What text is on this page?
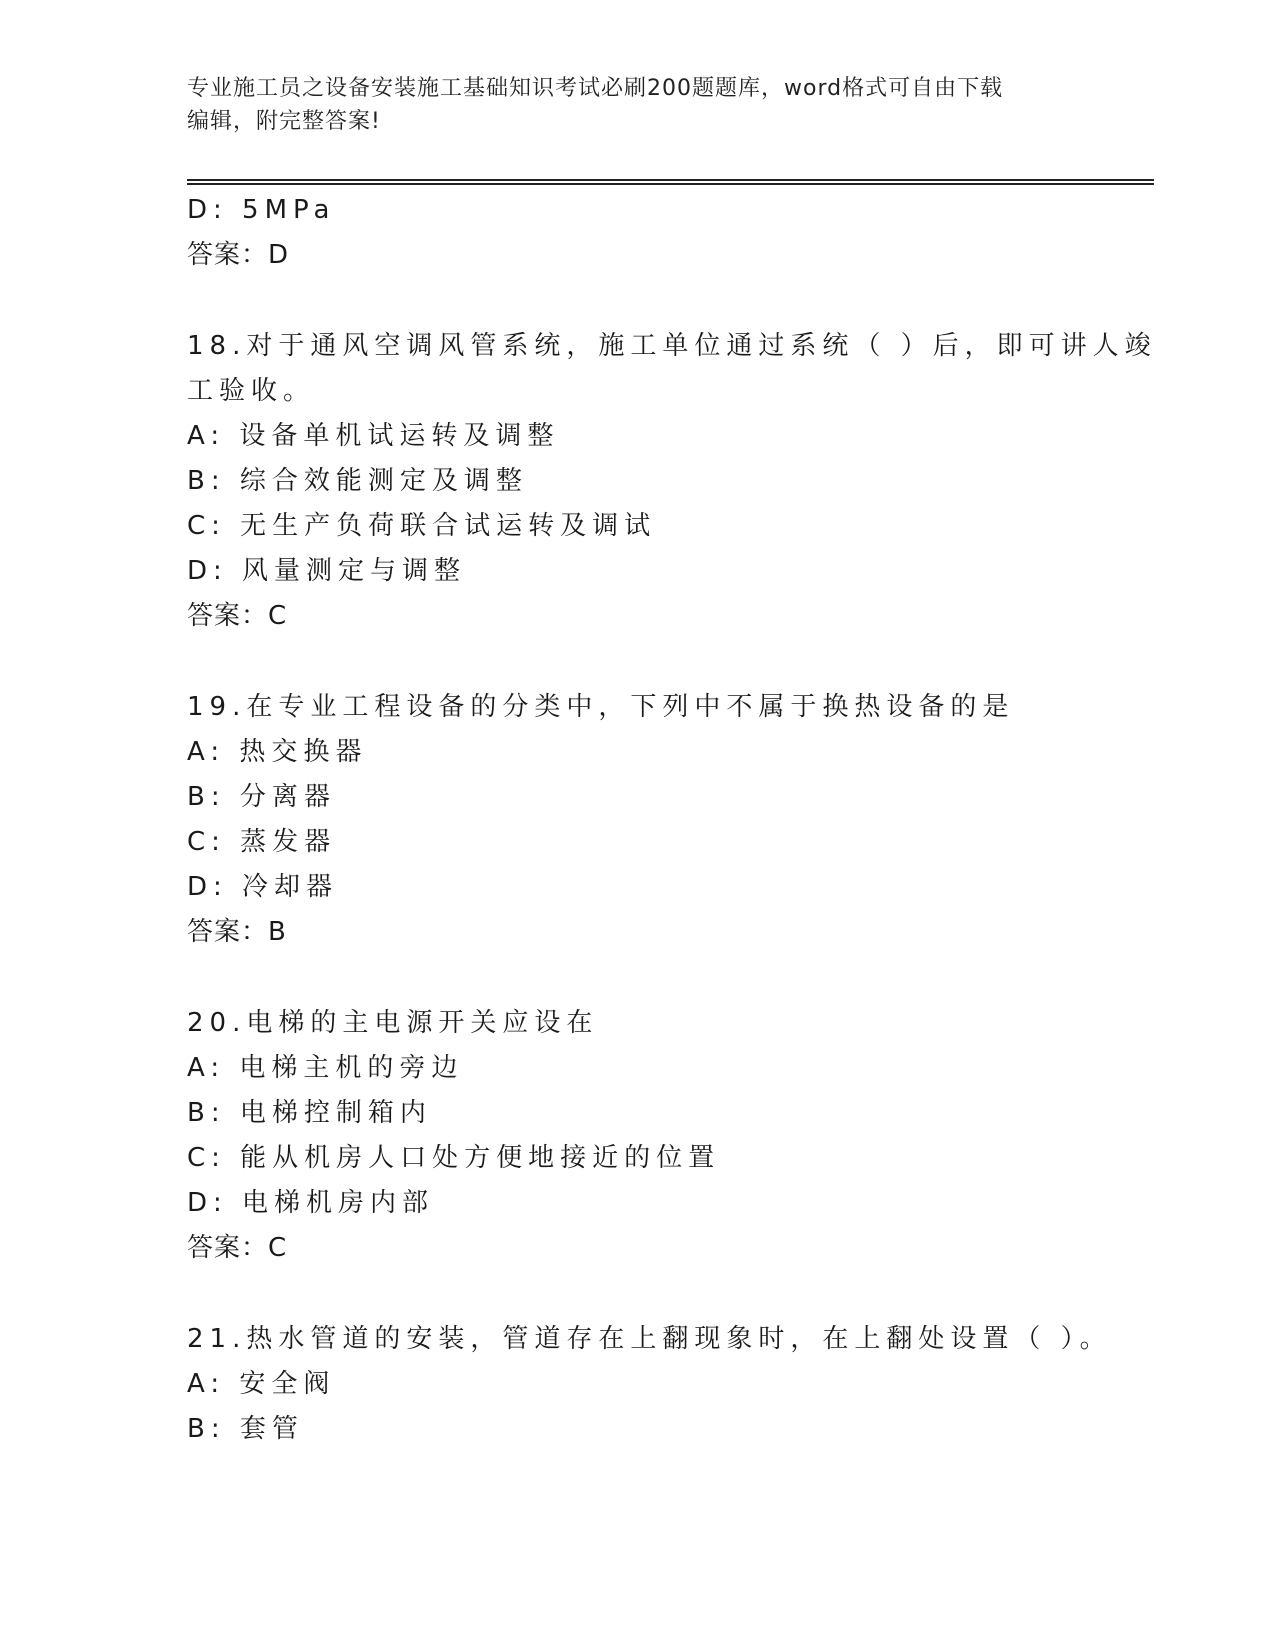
专业施工员之设备安装施工基础知识考试必刷200题题库，word格式可自由下载
编辑，附完整答案!
D: 5MPa
答案：D
18.对于通风空调风管系统，施工单位通过系统（ ）后，即可讲人竣
工验收。
A: 设备单机试运转及调整
B: 综合效能测定及调整
C: 无生产负荷联合试运转及调试
D: 风量测定与调整
答案：C
19.在专业工程设备的分类中，下列中不属于换热设备的是
A: 热交换器
B: 分离器
C: 蒸发器
D: 冷却器
答案：B
20.电梯的主电源开关应设在
A: 电梯主机的旁边
B: 电梯控制箱内
C: 能从机房人口处方便地接近的位置
D: 电梯机房内部
答案：C
21.热水管道的安装，管道存在上翻现象时，在上翻处设置（ ）。
A: 安全阀
B: 套管
